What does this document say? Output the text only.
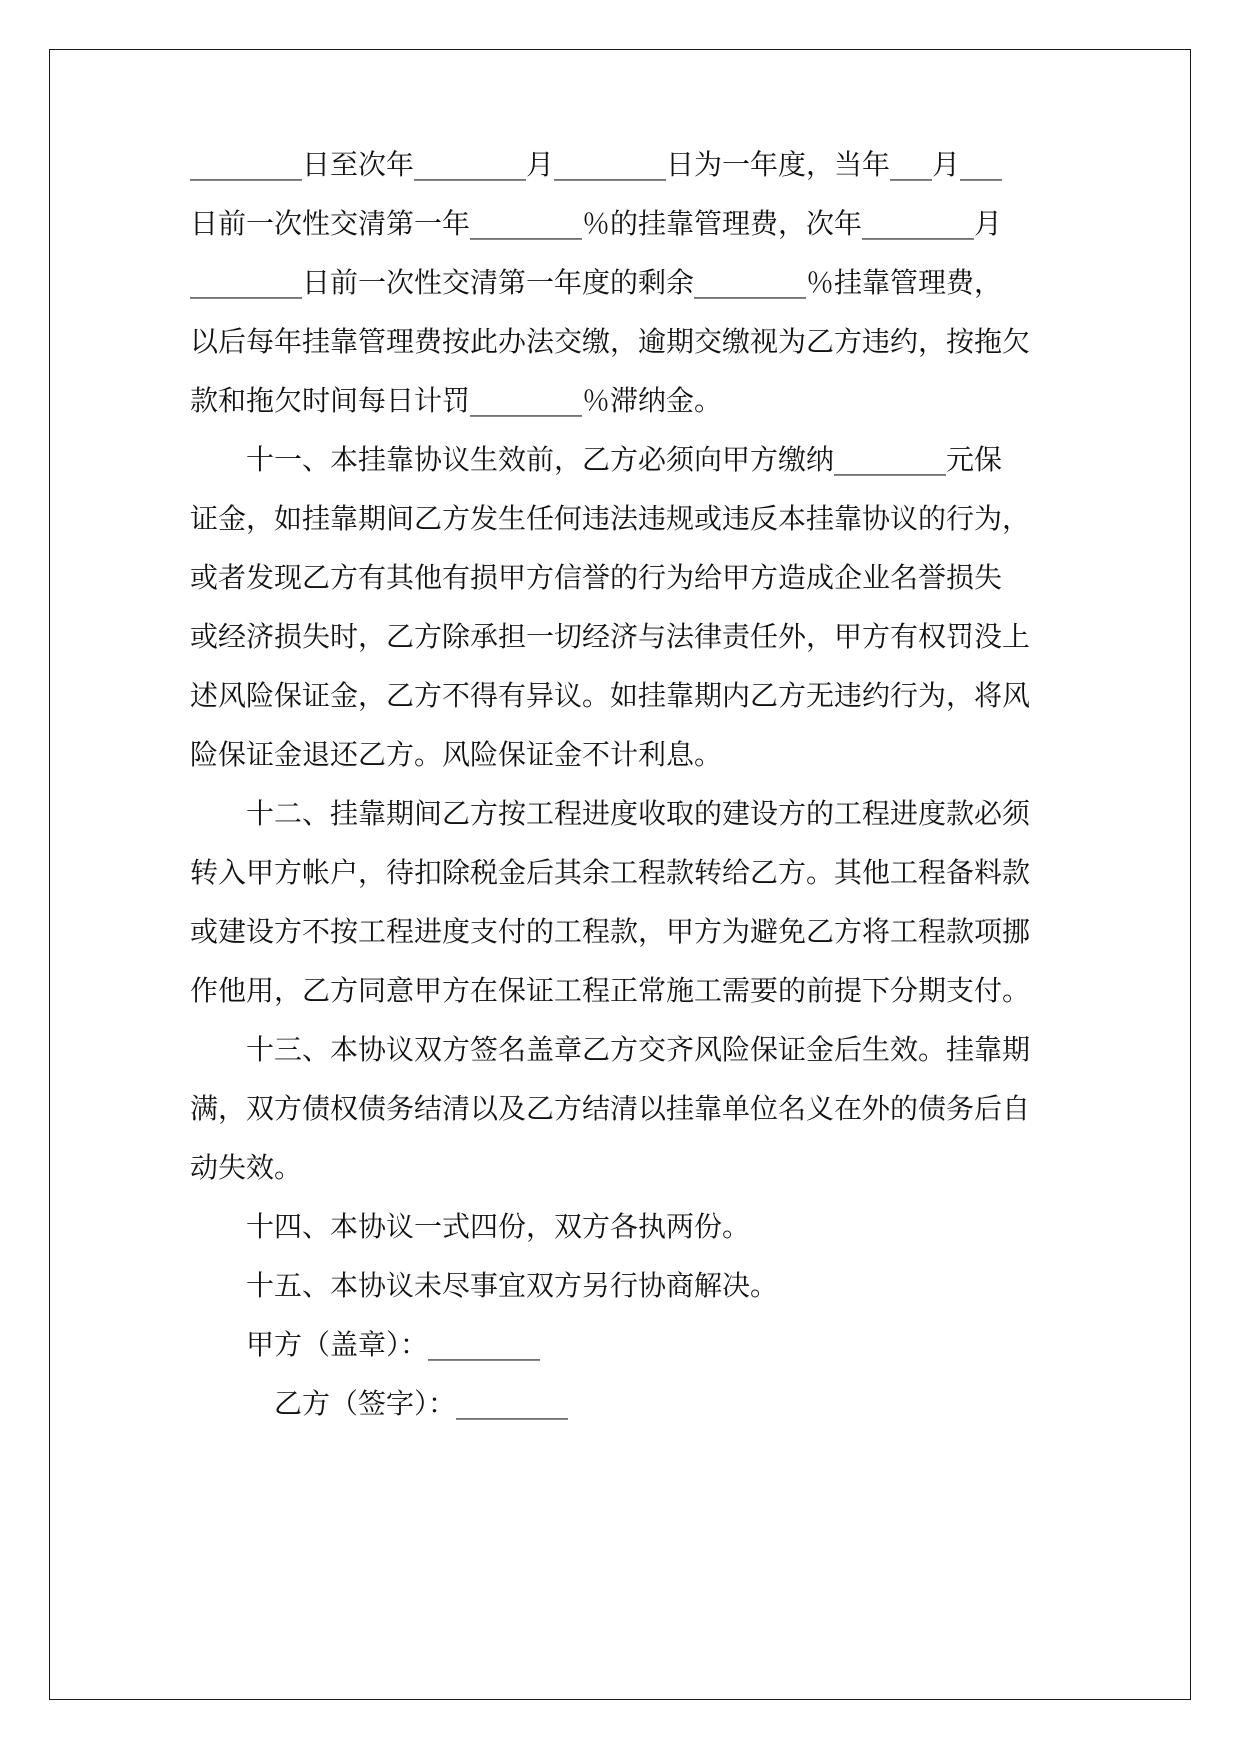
________日至次年________月________日为一年度，当年___月___
日前一次性交清第一年________％的挂靠管理费，次年________月
________日前一次性交清第一年度的剩余________％挂靠管理费，
以后每年挂靠管理费按此办法交缴，逾期交缴视为乙方违约，按拖欠
款和拖欠时间每日计罚________％滞纳金。
　　十一、本挂靠协议生效前，乙方必须向甲方缴纳________元保
证金，如挂靠期间乙方发生任何违法违规或违反本挂靠协议的行为，
或者发现乙方有其他有损甲方信誉的行为给甲方造成企业名誉损失
或经济损失时，乙方除承担一切经济与法律责任外，甲方有权罚没上
述风险保证金，乙方不得有异议。如挂靠期内乙方无违约行为，将风
险保证金退还乙方。风险保证金不计利息。
　　十二、挂靠期间乙方按工程进度收取的建设方的工程进度款必须
转入甲方帐户，待扣除税金后其余工程款转给乙方。其他工程备料款
或建设方不按工程进度支付的工程款，甲方为避免乙方将工程款项挪
作他用，乙方同意甲方在保证工程正常施工需要的前提下分期支付。
　　十三、本协议双方签名盖章乙方交齐风险保证金后生效。挂靠期
满，双方债权债务结清以及乙方结清以挂靠单位名义在外的债务后自
动失效。
　　十四、本协议一式四份，双方各执两份。
　　十五、本协议未尽事宜双方另行协商解决。
　　甲方（盖章）：________
　　　乙方（签字）：________
